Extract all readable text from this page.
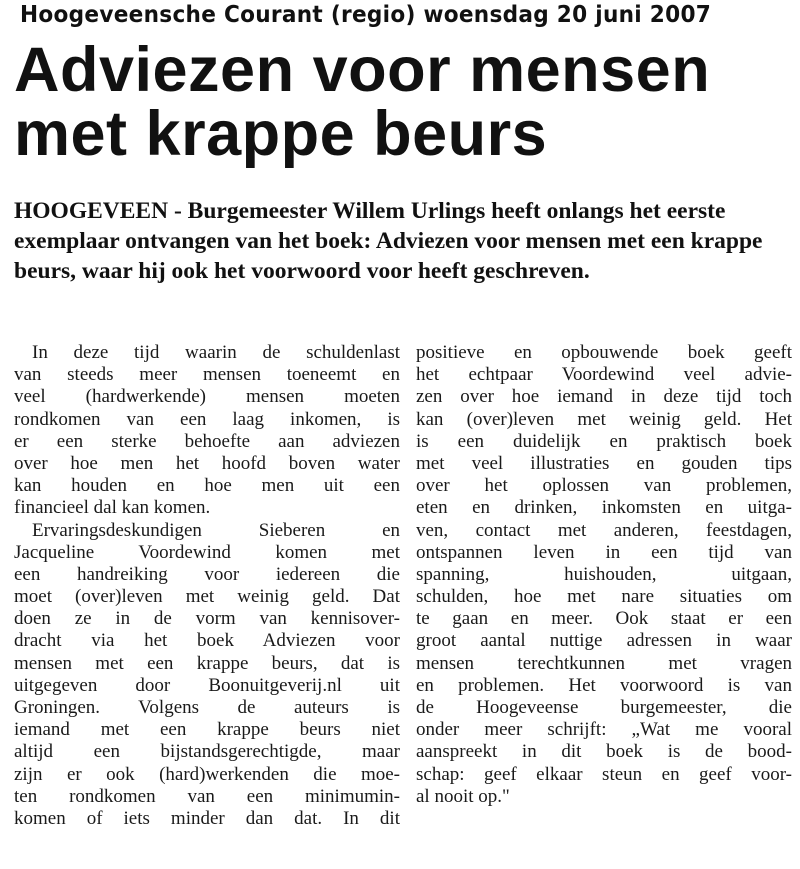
Hoogeveensche Courant (regio) woensdag 20 juni 2007
Adviezen voor mensen
met krappe beurs
HOOGEVEEN - Burgemeester Willem Urlings heeft onlangs het eerste exemplaar ontvangen van het boek: Adviezen voor mensen met een krappe beurs, waar hij ook het voorwoord voor heeft geschreven.
In deze tijd waarin de schuldenlast
van steeds meer mensen toeneemt en
veel (hardwerkende) mensen moeten
rondkomen van een laag inkomen, is
er een sterke behoefte aan adviezen
over hoe men het hoofd boven water
kan houden en hoe men uit een
financieel dal kan komen.
Ervaringsdeskundigen Sieberen en
Jacqueline Voordewind komen met
een handreiking voor iedereen die
moet (over)leven met weinig geld. Dat
doen ze in de vorm van kennisover-
dracht via het boek Adviezen voor
mensen met een krappe beurs, dat is
uitgegeven door Boonuitgeverij.nl uit
Groningen. Volgens de auteurs is
iemand met een krappe beurs niet
altijd een bijstandsgerechtigde, maar
zijn er ook (hard)werkenden die moe-
ten rondkomen van een minimumin-
komen of iets minder dan dat. In dit
positieve en opbouwende boek geeft
het echtpaar Voordewind veel advie-
zen over hoe iemand in deze tijd toch
kan (over)leven met weinig geld. Het
is een duidelijk en praktisch boek
met veel illustraties en gouden tips
over het oplossen van problemen,
eten en drinken, inkomsten en uitga-
ven, contact met anderen, feestdagen,
ontspannen leven in een tijd van
spanning, huishouden, uitgaan,
schulden, hoe met nare situaties om
te gaan en meer. Ook staat er een
groot aantal nuttige adressen in waar
mensen terechtkunnen met vragen
en problemen. Het voorwoord is van
de Hoogeveense burgemeester, die
onder meer schrijft: „Wat me vooral
aanspreekt in dit boek is de bood-
schap: geef elkaar steun en geef voor-
al nooit op."
